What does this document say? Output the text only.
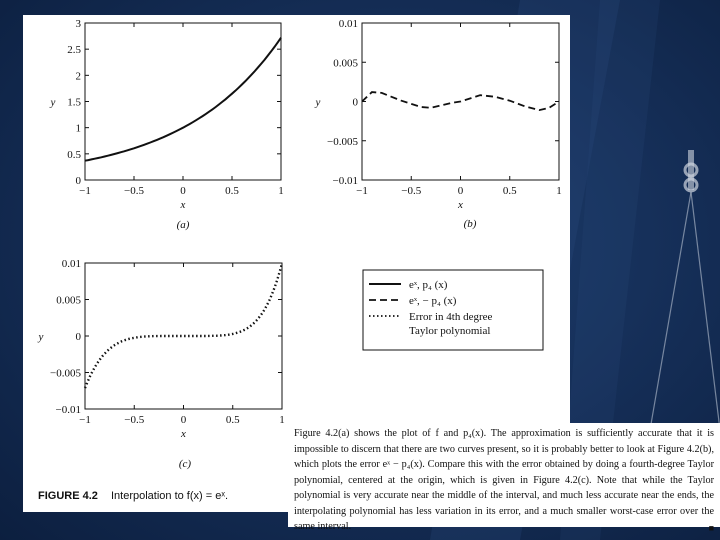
−1	−0.5	0	0.5	1
0
0.5
1
1.5
2
2.5
3
x
y
(a)
−1	−0.5	0	0.5	1
0.01
0.005
0
−0.005
−0.01
x
y
(b)
−1	−0.5	0	0.5	1
0.01
0.005
0
−0.005
−0.01
x
y
(c)
eˣ, p₄ (x)
eˣ, − p₄ (x)
Error in 4th degree
Taylor polynomial
FIGURE 4.2 Interpolation to f(x) = eˣ.

Figure 4.2(a) shows the plot of f and p₄(x). The approximation is sufficiently accurate that it is impossible to discern that there are two curves present, so it is probably better to look at Figure 4.2(b), which plots the error eˣ − p₄(x). Compare this with the error obtained by doing a fourth-degree Taylor polynomial, centered at the origin, which is given in Figure 4.2(c). Note that while the Taylor polynomial is very accurate near the middle of the interval, and much less accurate near the ends, the interpolating polynomial has less variation in its error, and a much smaller worst-case error over the same interval.	■
